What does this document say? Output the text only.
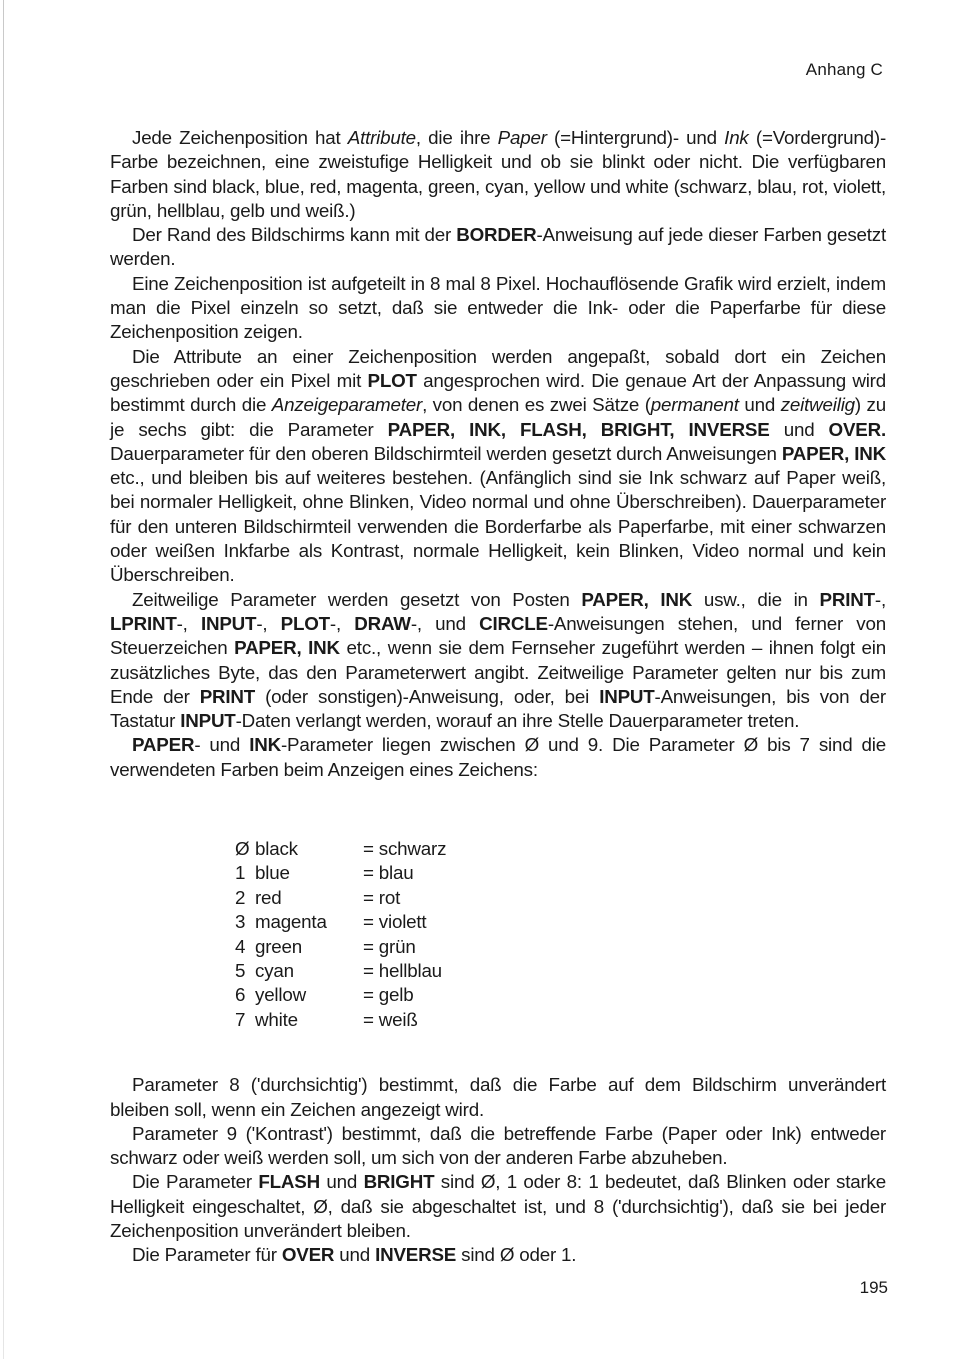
Anhang C

Jede Zeichenposition hat Attribute, die ihre Paper (=Hintergrund)- und Ink (=Vordergrund)-Farbe bezeichnen, eine zweistufige Helligkeit und ob sie blinkt oder nicht. Die verfügbaren Farben sind black, blue, red, magenta, green, cyan, yellow und white (schwarz, blau, rot, violett, grün, hellblau, gelb und weiß.)

Der Rand des Bildschirms kann mit der BORDER-Anweisung auf jede dieser Farben gesetzt werden.

Eine Zeichenposition ist aufgeteilt in 8 mal 8 Pixel. Hochauflösende Grafik wird erzielt, indem man die Pixel einzeln so setzt, daß sie entweder die Ink- oder die Paperfarbe für diese Zeichenposition zeigen.

Die Attribute an einer Zeichenposition werden angepaßt, sobald dort ein Zeichen geschrieben oder ein Pixel mit PLOT angesprochen wird. Die genaue Art der Anpassung wird bestimmt durch die Anzeigeparameter, von denen es zwei Sätze (permanent und zeitweilig) zu je sechs gibt: die Parameter PAPER, INK, FLASH, BRIGHT, INVERSE und OVER. Dauerparameter für den oberen Bildschirmteil werden gesetzt durch Anweisungen PAPER, INK etc., und bleiben bis auf weiteres bestehen. (Anfänglich sind sie Ink schwarz auf Paper weiß, bei normaler Helligkeit, ohne Blinken, Video normal und ohne Überschreiben). Dauerparameter für den unteren Bildschirmteil verwenden die Borderfarbe als Paperfarbe, mit einer schwarzen oder weißen Inkfarbe als Kontrast, normale Helligkeit, kein Blinken, Video normal und kein Überschreiben.

Zeitweilige Parameter werden gesetzt von Posten PAPER, INK usw., die in PRINT-, LPRINT-, INPUT-, PLOT-, DRAW-, und CIRCLE-Anweisungen stehen, und ferner von Steuerzeichen PAPER, INK etc., wenn sie dem Fernseher zugeführt werden – ihnen folgt ein zusätzliches Byte, das den Parameterwert angibt. Zeitweilige Parameter gelten nur bis zum Ende der PRINT (oder sonstigen)-Anweisung, oder, bei INPUT-Anweisungen, bis von der Tastatur INPUT-Daten verlangt werden, worauf an ihre Stelle Dauerparameter treten.

PAPER- und INK-Parameter liegen zwischen Ø und 9. Die Parameter Ø bis 7 sind die verwendeten Farben beim Anzeigen eines Zeichens:

Ø	black	= schwarz
1	blue	= blau
2	red	= rot
3	magenta	= violett
4	green	= grün
5	cyan	= hellblau
6	yellow	= gelb
7	white	= weiß

Parameter 8 ('durchsichtig') bestimmt, daß die Farbe auf dem Bildschirm unverändert bleiben soll, wenn ein Zeichen angezeigt wird.

Parameter 9 ('Kontrast') bestimmt, daß die betreffende Farbe (Paper oder Ink) entweder schwarz oder weiß werden soll, um sich von der anderen Farbe abzuheben.

Die Parameter FLASH und BRIGHT sind Ø, 1 oder 8: 1 bedeutet, daß Blinken oder starke Helligkeit eingeschaltet, Ø, daß sie abgeschaltet ist, und 8 ('durchsichtig'), daß sie bei jeder Zeichenposition unverändert bleiben.

Die Parameter für OVER und INVERSE sind Ø oder 1.

195
